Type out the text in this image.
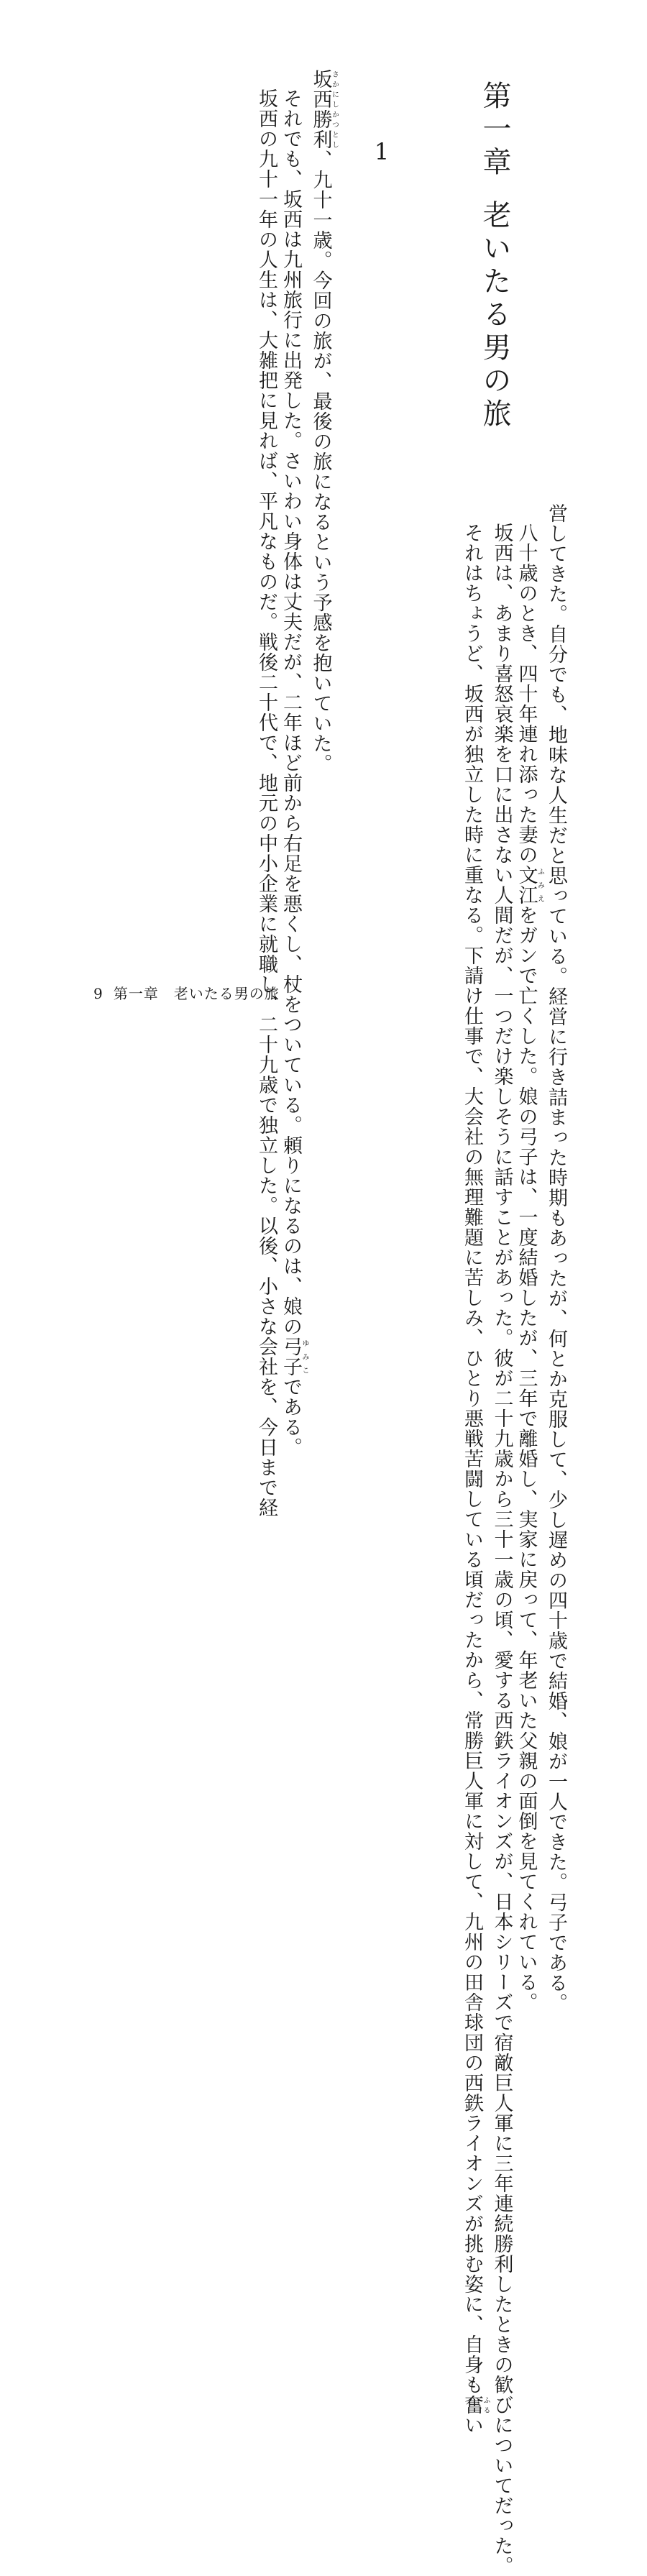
第一章老いたる男の旅
1

坂西勝利さかにしかつとし、九十一歳。今回の旅が、最後の旅になるという予感を抱いていた。

それでも、坂西は九州旅行に出発した。さいわい身体は丈夫だが、二年ほど前から右足を悪くし、杖をついている。頼りになるのは、娘の弓子ゆみこである。

坂西の九十一年の人生は、大雑把に見れば、平凡なものだ。戦後二十代で、地元の中小企業に就職し、二十九歳で独立した。以後、小さな会社を、今日まで経	営してきた。自分でも、地味な人生だと思っている。経営に行き詰まった時期もあったが、何とか克服して、少し遅めの四十歳で結婚、娘が一人できた。弓子である。

八十歳のとき、四十年連れ添った妻の文江ふみえをガンで亡くした。娘の弓子は、一度結婚したが、三年で離婚し、実家に戻って、年老いた父親の面倒を見てくれている。

坂西は、あまり喜怒哀楽を口に出さない人間だが、一つだけ楽しそうに話すことがあった。彼が二十九歳から三十一歳の頃、愛する西鉄ライオンズが、日本シリーズで宿敵巨人軍に三年連続勝利したときの歓びについてだった。

それはちょうど、坂西が独立した時に重なる。下請け仕事で、大会社の無理難題に苦しみ、ひとり悪戦苦闘している頃だったから、常勝巨人軍に対して、九州の田舎球団の西鉄ライオンズが挑む姿に、自身も奮ふるい

9 第一章　老いたる男の旅
